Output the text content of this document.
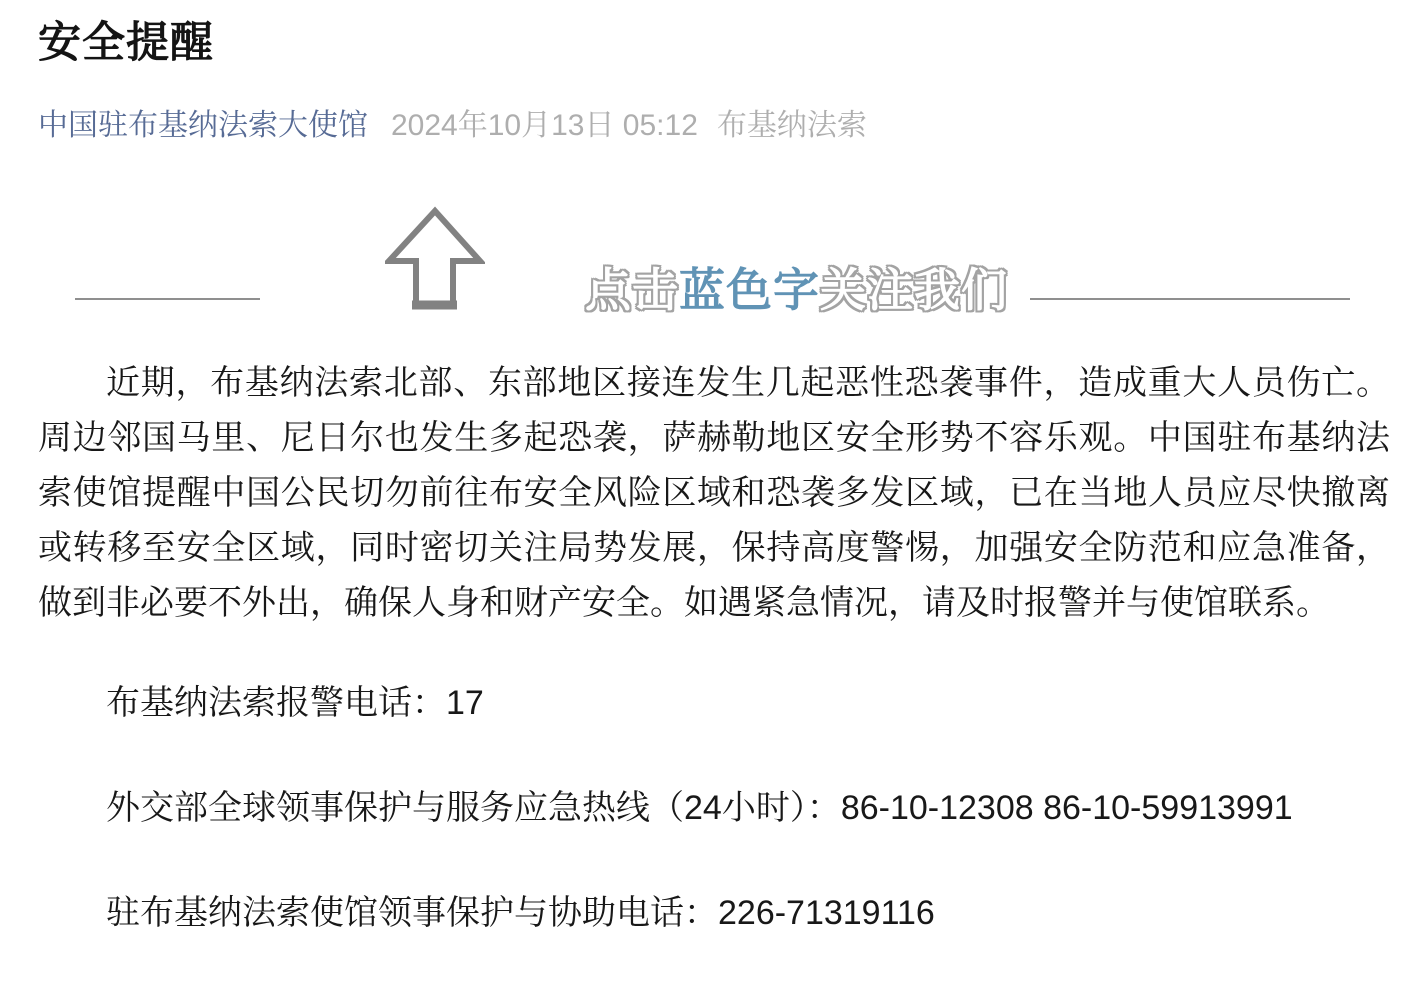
安全提醒
中国驻布基纳法索大使馆 2024年10月13日 05:12 布基纳法索
点击蓝色字关注我们

近期，布基纳法索北部、东部地区接连发生几起恶性恐袭事件，造成重大人员伤亡。周边邻国马里、尼日尔也发生多起恐袭，萨赫勒地区安全形势不容乐观。中国驻布基纳法索使馆提醒中国公民切勿前往布安全风险区域和恐袭多发区域，已在当地人员应尽快撤离或转移至安全区域，同时密切关注局势发展，保持高度警惕，加强安全防范和应急准备，做到非必要不外出，确保人身和财产安全。如遇紧急情况，请及时报警并与使馆联系。

布基纳法索报警电话：17

外交部全球领事保护与服务应急热线（24小时）：86-10-12308 86-10-59913991

驻布基纳法索使馆领事保护与协助电话：226-71319116
